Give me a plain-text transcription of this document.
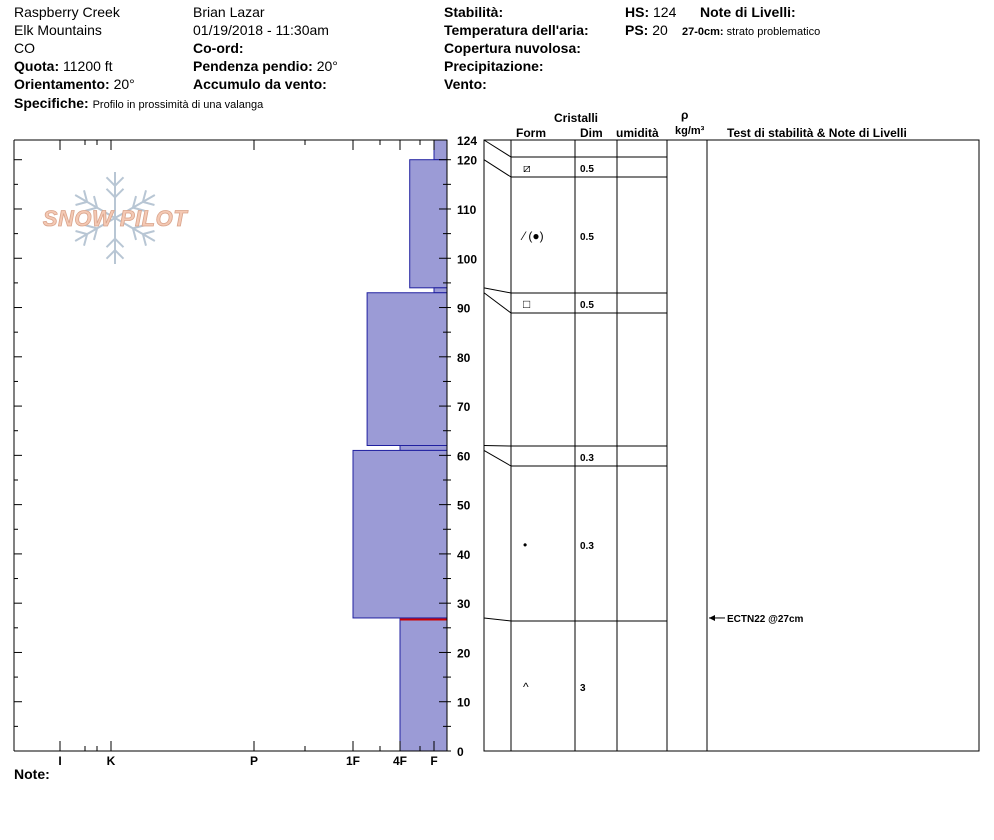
Raspberry Creek
Elk Mountains
CO
Quota: 11200 ft
Orientamento: 20°
Specifiche: Profilo in prossimità di una valanga
Brian Lazar
01/19/2018 - 11:30am
Co-ord:
Pendenza pendio: 20°
Accumulo da vento:
Stabilità:
Temperatura dell'aria:
Copertura nuvolosa:
Precipitazione:
Vento:
HS: 124
PS: 20
Note di Livelli:
27-0cm: strato problematico
Cristalli
Form	Dim umidità
ρ
kg/m³ Test di stabilità & Note di Livelli
Note:
SNOW PILOT
I	K	P	1F	4F F
0
10
20
30
40
50
60
70
80
90
100
110
120
124
⧄	0.5
⁄ (●)	0.5
□	0.5
0.3
•	0.3
^	3
ECTN22 @27cm
